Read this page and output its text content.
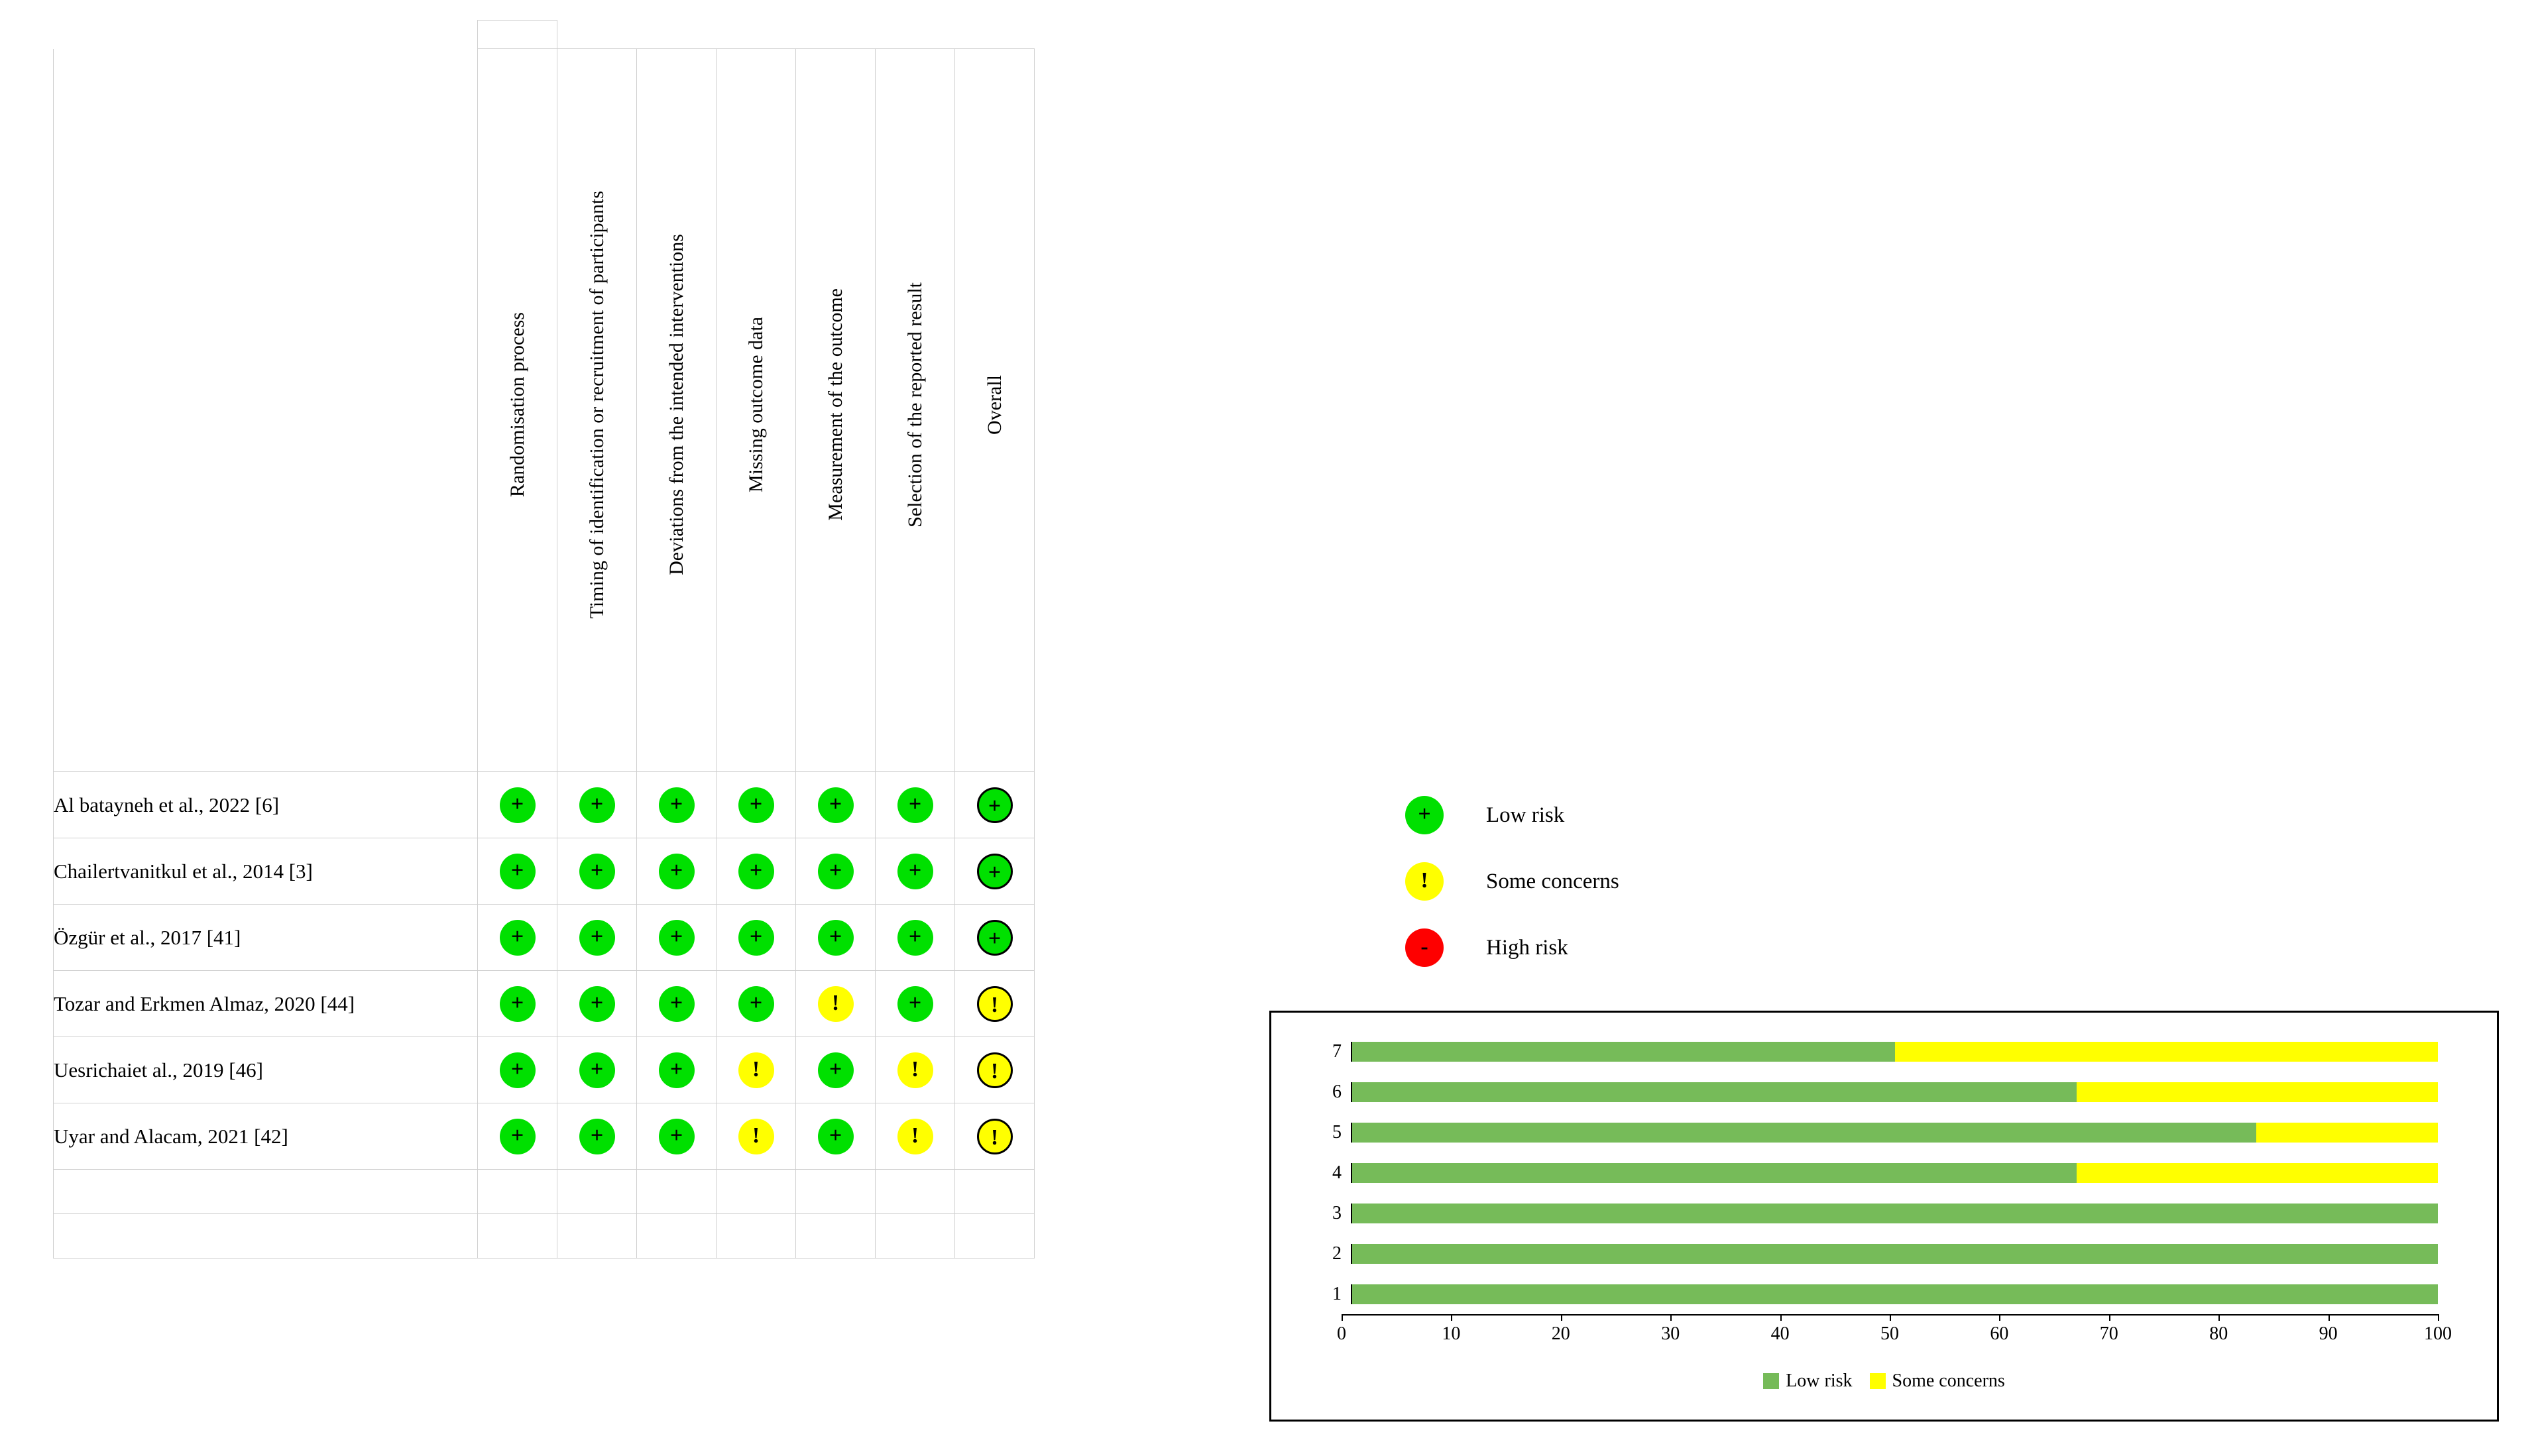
	Randomisation process	Timing of identification or recruitment of participants	Deviations from the intended interventions	Missing outcome data	Measurement of the outcome	Selection of the reported result	Overall
Al batayneh et al., 2022 [6]	+	+	+	+	+	+	+
Chailertvanitkul et al., 2014 [3]	+	+	+	+	+	+	+
Özgür et al., 2017 [41]	+	+	+	+	+	+	+
Tozar and Erkmen Almaz, 2020 [44]	+	+	+	+	!	+	!
Uesrichaiet al., 2019 [46]	+	+	+	!	+	!	!
Uyar and Alacam, 2021 [42]	+	+	+	!	+	!	!

+	Low risk
!	Some concerns
-	High risk
7
6
5
4
3
2
1
0	10	20	30	40	50	60	70	80	90	100
Low risk Some concerns
